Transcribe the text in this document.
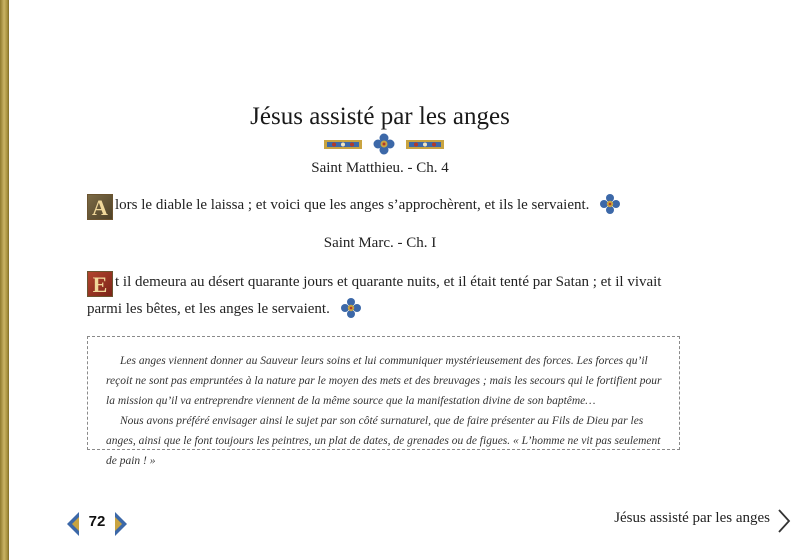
Jésus assisté par les anges
Saint Matthieu. - Ch. 4
A lors le diable le laissa ; et voici que les anges s’approchèrent, et ils le servaient.
Saint Marc. - Ch. I
E t il demeura au désert quarante jours et quarante nuits, et il était tenté par Satan ; et il vivait parmi les bêtes, et les anges le servaient.

Les anges viennent donner au Sauveur leurs soins et lui communiquer mystérieusement des forces. Les forces qu’il reçoit ne sont pas empruntées à la nature par le moyen des mets et des breuvages ; mais les secours qui le fortifient pour la mission qu’il va entreprendre viennent de la même source que la manifestation divine de son baptême…

Nous avons préféré envisager ainsi le sujet par son côté surnaturel, que de faire présenter au Fils de Dieu par les anges, ainsi que le font toujours les peintres, un plat de dates, de grenades ou de figues. « L’homme ne vit pas seulement de pain ! »

72	Jésus assisté par les anges
